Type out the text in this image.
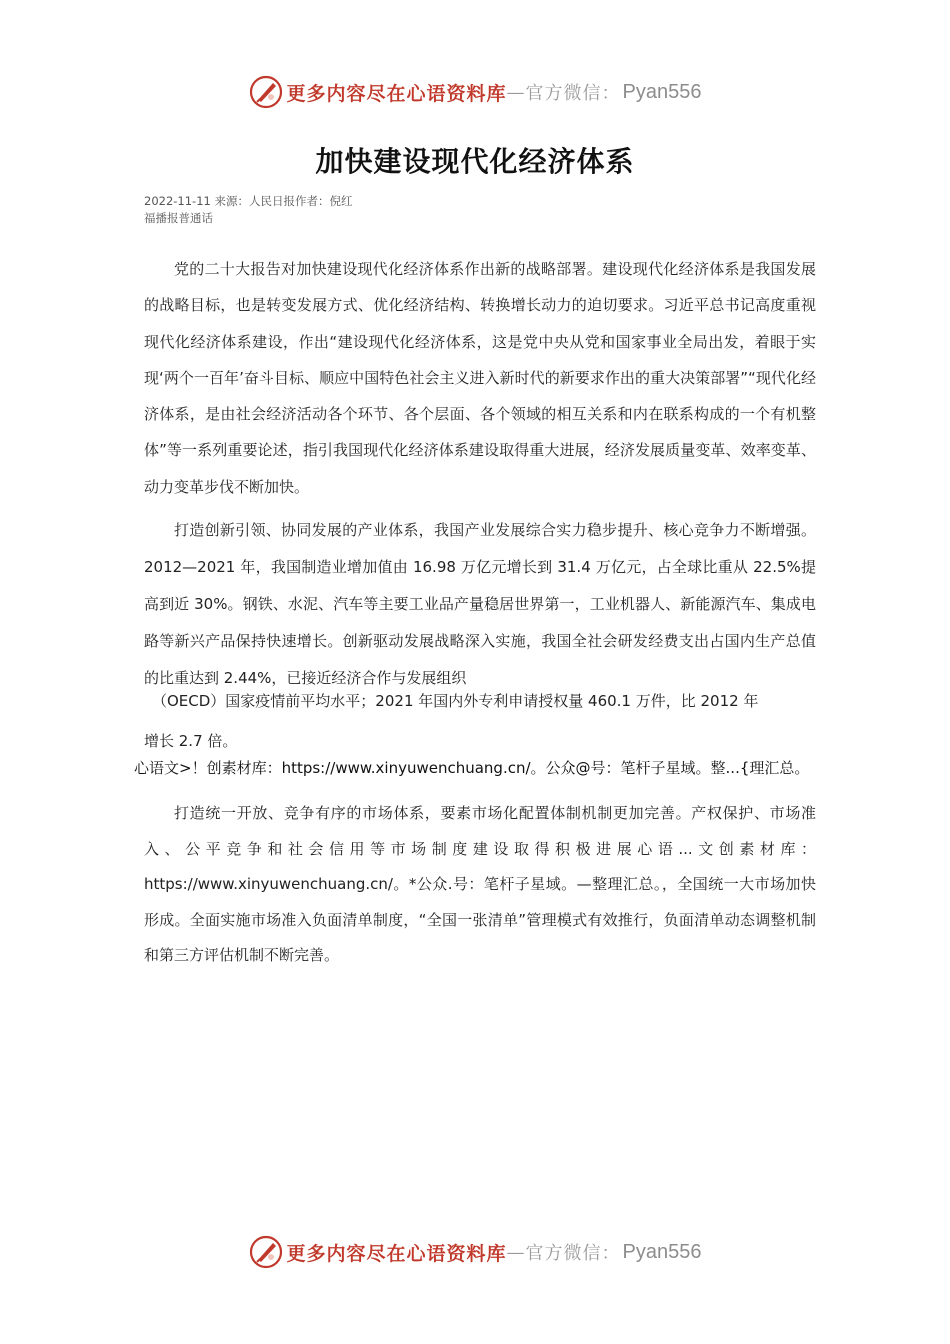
更多内容尽在心语资料库 — 官方微信： Pyan556
加快建设现代化经济体系
2022-11-11 来源：人民日报作者：倪红
福播报普通话

党的二十大报告对加快建设现代化经济体系作出新的战略部署。建设现代化经济体系是我国发展的战略目标，也是转变发展方式、优化经济结构、转换增长动力的迫切要求。习近平总书记高度重视现代化经济体系建设，作出“建设现代化经济体系，这是党中央从党和国家事业全局出发，着眼于实现‘两个一百年’奋斗目标、顺应中国特色社会主义进入新时代的新要求作出的重大决策部署”“现代化经济体系，是由社会经济活动各个环节、各个层面、各个领域的相互关系和内在联系构成的一个有机整体”等一系列重要论述，指引我国现代化经济体系建设取得重大进展，经济发展质量变革、效率变革、动力变革步伐不断加快。

打造创新引领、协同发展的产业体系，我国产业发展综合实力稳步提升、核心竞争力不断增强。2012—2021 年，我国制造业增加值由 16.98 万亿元增长到 31.4 万亿元，占全球比重从 22.5%提高到近 30%。钢铁、水泥、汽车等主要工业品产量稳居世界第一，工业机器人、新能源汽车、集成电路等新兴产品保持快速增长。创新驱动发展战略深入实施，我国全社会研发经费支出占国内生产总值的比重达到 2.44%，已接近经济合作与发展组织

（OECD）国家疫情前平均水平；2021 年国内外专利申请授权量 460.1 万件，比 2012 年
增长 2.7 倍。
心语文>！创素材库：https://www.xinyuwenchuang.cn/。公众@号：笔杆子星域。整...{理汇总。

打造统一开放、竞争有序的市场体系，要素市场化配置体制机制更加完善。产权保护、市场准入、公平竞争和社会信用等市场制度建设取得积极进展心语...文创素材库：https://www.xinyuwenchuang.cn/。*公众.号：笔杆子星域。—整理汇总。，全国统一大市场加快形成。全面实施市场准入负面清单制度，“全国一张清单”管理模式有效推行，负面清单动态调整机制和第三方评估机制不断完善。

更多内容尽在心语资料库 — 官方微信： Pyan556
